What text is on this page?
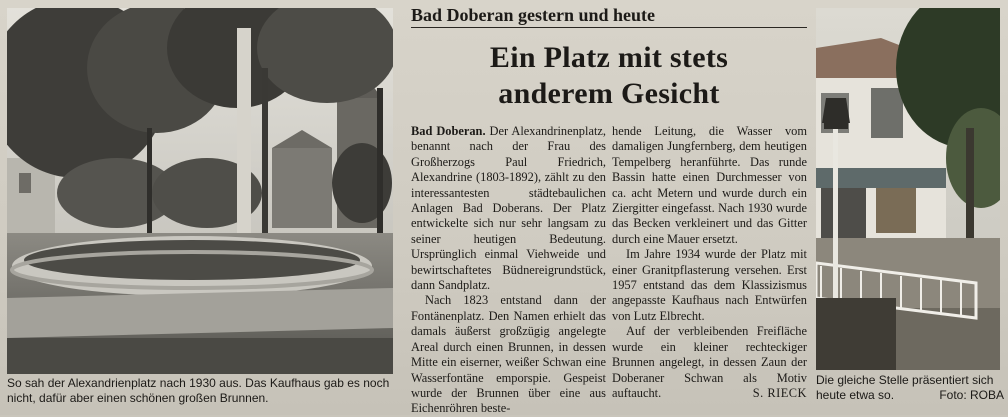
So sah der Alexandrienplatz nach 1930 aus. Das Kaufhaus gab es noch nicht, dafür aber einen schönen großen Brunnen.

Bad Doberan gestern und heute
Ein Platz mit stets
anderem Gesicht

Bad Doberan. Der Alexandrinenplatz, benannt nach der Frau des Großherzogs Paul Friedrich, Alexandrine (1803-1892), zählt zu den interessantesten städtebaulichen Anlagen Bad Doberans. Der Platz entwickelte sich nur sehr langsam zu seiner heutigen Bedeutung. Ursprünglich einmal Viehweide und bewirtschaftetes Büdnereigrundstück, dann Sandplatz.

Nach 1823 entstand dann der Fontänenplatz. Den Namen erhielt das damals äußerst großzügig angelegte Areal durch einen Brunnen, in dessen Mitte ein eiserner, weißer Schwan eine Wasserfontäne emporspie. Gespeist wurde der Brunnen über eine aus Eichenröhren beste-

hende Leitung, die Wasser vom damaligen Jungfernberg, dem heutigen Tempelberg heranführte. Das runde Bassin hatte einen Durchmesser von ca. acht Metern und wurde durch ein Ziergitter eingefasst. Nach 1930 wurde das Becken verkleinert und das Gitter durch eine Mauer ersetzt.

Im Jahre 1934 wurde der Platz mit einer Granitpflasterung versehen. Erst 1957 entstand das dem Klassizismus angepasste Kaufhaus nach Entwürfen von Lutz Elbrecht.

Auf der verbleibenden Freifläche wurde ein kleiner rechteckiger Brunnen angelegt, in dessen Zaun der Doberaner Schwan als Motiv auftaucht.	S. RIECK

Die gleiche Stelle präsentiert sich heute etwa so.	Foto: ROBA
